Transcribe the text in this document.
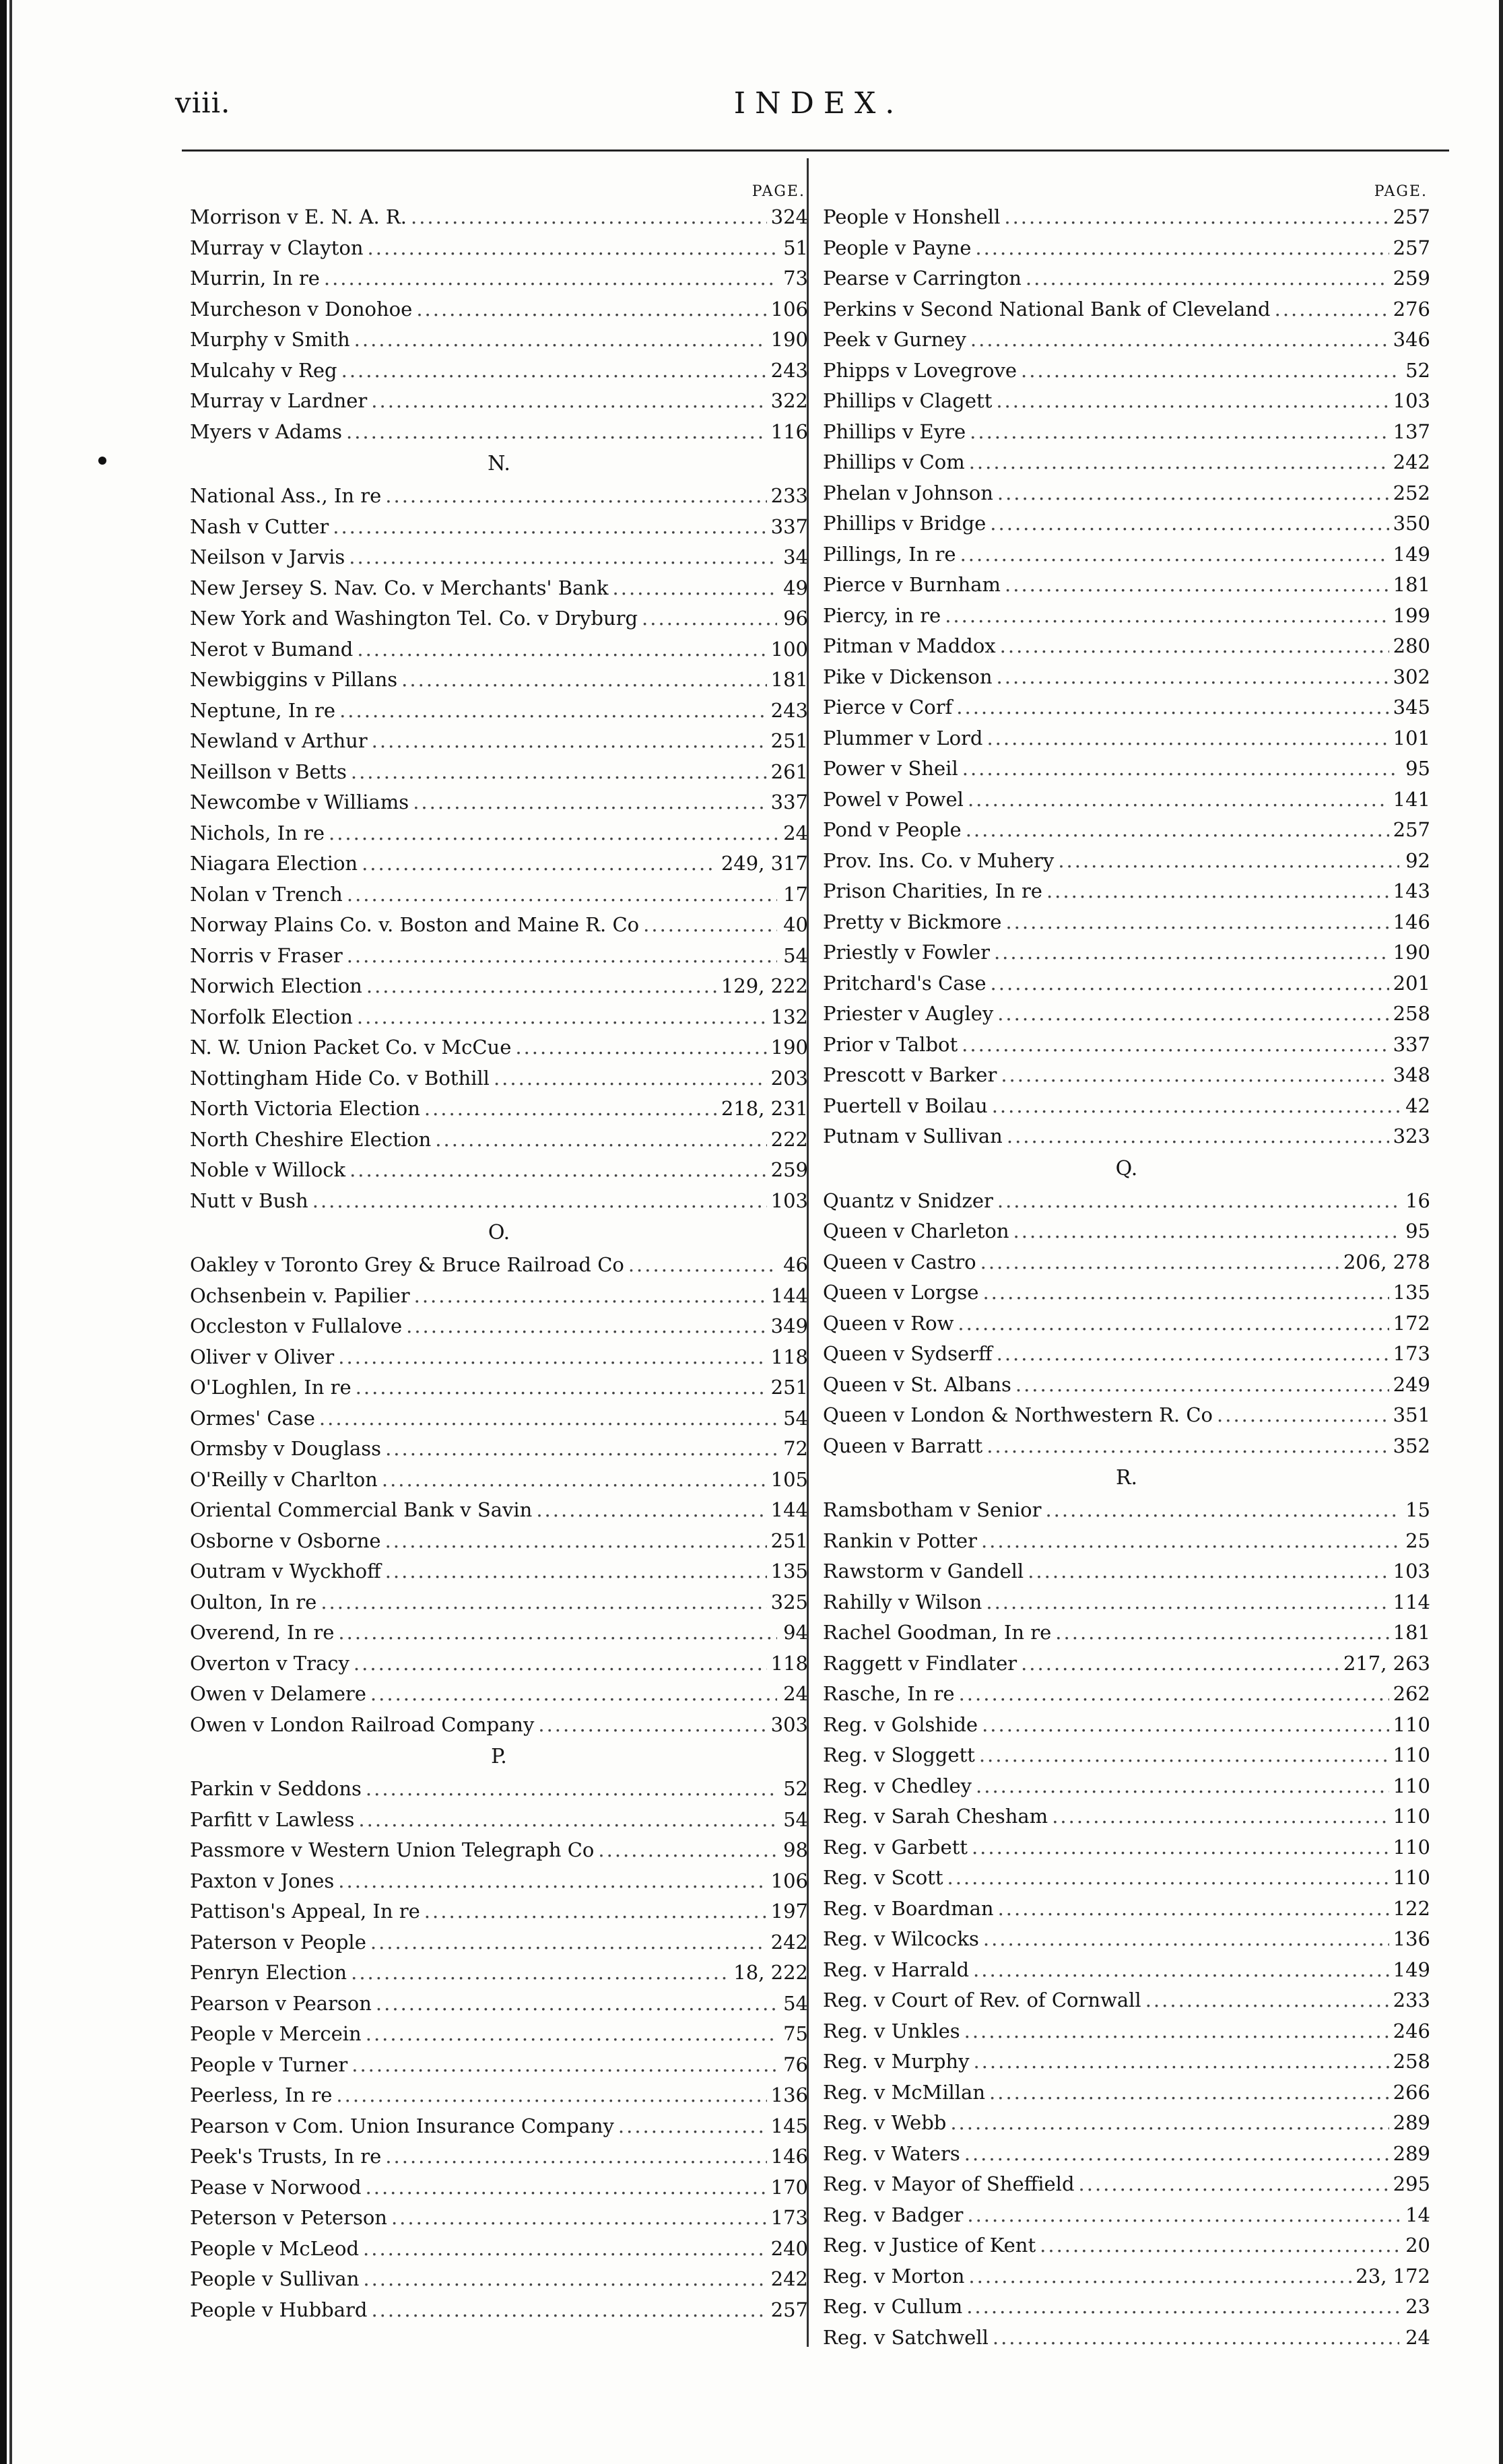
viii.	INDEX.
PAGE.
Morrison v E. N. A. R. .....	324
Murray v Clayton .....	51
Murrin, In re .....	73
Murcheson v Donohoe .....	106
Murphy v Smith .....	190
Mulcahy v Reg .....	243
Murray v Lardner .....	322
Myers v Adams .....	116
N.
National Ass., In re .....	233
Nash v Cutter .....	337
Neilson v Jarvis .....	34
New Jersey S. Nav. Co. v Merchants' Bank .....	49
New York and Washington Tel. Co. v Dryburg .....	96
Nerot v Bumand .....	100
Newbiggins v Pillans .....	181
Neptune, In re .....	243
Newland v Arthur .....	251
Neillson v Betts .....	261
Newcombe v Williams .....	337
Nichols, In re .....	24
Niagara Election .....	249, 317
Nolan v Trench .....	17
Norway Plains Co. v. Boston and Maine R. Co .....	40
Norris v Fraser .....	54
Norwich Election .....	129, 222
Norfolk Election .....	132
N. W. Union Packet Co. v McCue .....	190
Nottingham Hide Co. v Bothill .....	203
North Victoria Election .....	218, 231
North Cheshire Election .....	222
Noble v Willock .....	259
Nutt v Bush .....	103
O.
Oakley v Toronto Grey & Bruce Railroad Co .....	46
Ochsenbein v. Papilier .....	144
Occleston v Fullalove .....	349
Oliver v Oliver .....	118
O'Loghlen, In re .....	251
Ormes' Case .....	54
Ormsby v Douglass .....	72
O'Reilly v Charlton .....	105
Oriental Commercial Bank v Savin .....	144
Osborne v Osborne .....	251
Outram v Wyckhoff .....	135
Oulton, In re .....	325
Overend, In re .....	94
Overton v Tracy .....	118
Owen v Delamere .....	24
Owen v London Railroad Company .....	303
P.
Parkin v Seddons .....	52
Parfitt v Lawless .....	54
Passmore v Western Union Telegraph Co .....	98
Paxton v Jones .....	106
Pattison's Appeal, In re .....	197
Paterson v People .....	242
Penryn Election .....	18, 222
Pearson v Pearson .....	54
People v Mercein .....	75
People v Turner .....	76
Peerless, In re .....	136
Pearson v Com. Union Insurance Company .....	145
Peek's Trusts, In re .....	146
Pease v Norwood .....	170
Peterson v Peterson .....	173
People v McLeod .....	240
People v Sullivan .....	242
People v Hubbard .....	257
PAGE.
People v Honshell .....	257
People v Payne .....	257
Pearse v Carrington .....	259
Perkins v Second National Bank of Cleveland .....	276
Peek v Gurney .....	346
Phipps v Lovegrove .....	52
Phillips v Clagett .....	103
Phillips v Eyre .....	137
Phillips v Com .....	242
Phelan v Johnson .....	252
Phillips v Bridge .....	350
Pillings, In re .....	149
Pierce v Burnham .....	181
Piercy, in re .....	199
Pitman v Maddox .....	280
Pike v Dickenson .....	302
Pierce v Corf .....	345
Plummer v Lord .....	101
Power v Sheil .....	95
Powel v Powel .....	141
Pond v People .....	257
Prov. Ins. Co. v Muhery .....	92
Prison Charities, In re .....	143
Pretty v Bickmore .....	146
Priestly v Fowler .....	190
Pritchard's Case .....	201
Priester v Augley .....	258
Prior v Talbot .....	337
Prescott v Barker .....	348
Puertell v Boilau .....	42
Putnam v Sullivan .....	323
Q.
Quantz v Snidzer .....	16
Queen v Charleton .....	95
Queen v Castro .....	206, 278
Queen v Lorgse .....	135
Queen v Row .....	172
Queen v Sydserff .....	173
Queen v St. Albans .....	249
Queen v London & Northwestern R. Co .....	351
Queen v Barratt .....	352
R.
Ramsbotham v Senior .....	15
Rankin v Potter .....	25
Rawstorm v Gandell .....	103
Rahilly v Wilson .....	114
Rachel Goodman, In re .....	181
Raggett v Findlater .....	217, 263
Rasche, In re .....	262
Reg. v Golshide .....	110
Reg. v Sloggett .....	110
Reg. v Chedley .....	110
Reg. v Sarah Chesham .....	110
Reg. v Garbett .....	110
Reg. v Scott .....	110
Reg. v Boardman .....	122
Reg. v Wilcocks .....	136
Reg. v Harrald .....	149
Reg. v Court of Rev. of Cornwall .....	233
Reg. v Unkles .....	246
Reg. v Murphy .....	258
Reg. v McMillan .....	266
Reg. v Webb .....	289
Reg. v Waters .....	289
Reg. v Mayor of Sheffield .....	295
Reg. v Badger .....	14
Reg. v Justice of Kent .....	20
Reg. v Morton .....	23, 172
Reg. v Cullum .....	23
Reg. v Satchwell .....	24
